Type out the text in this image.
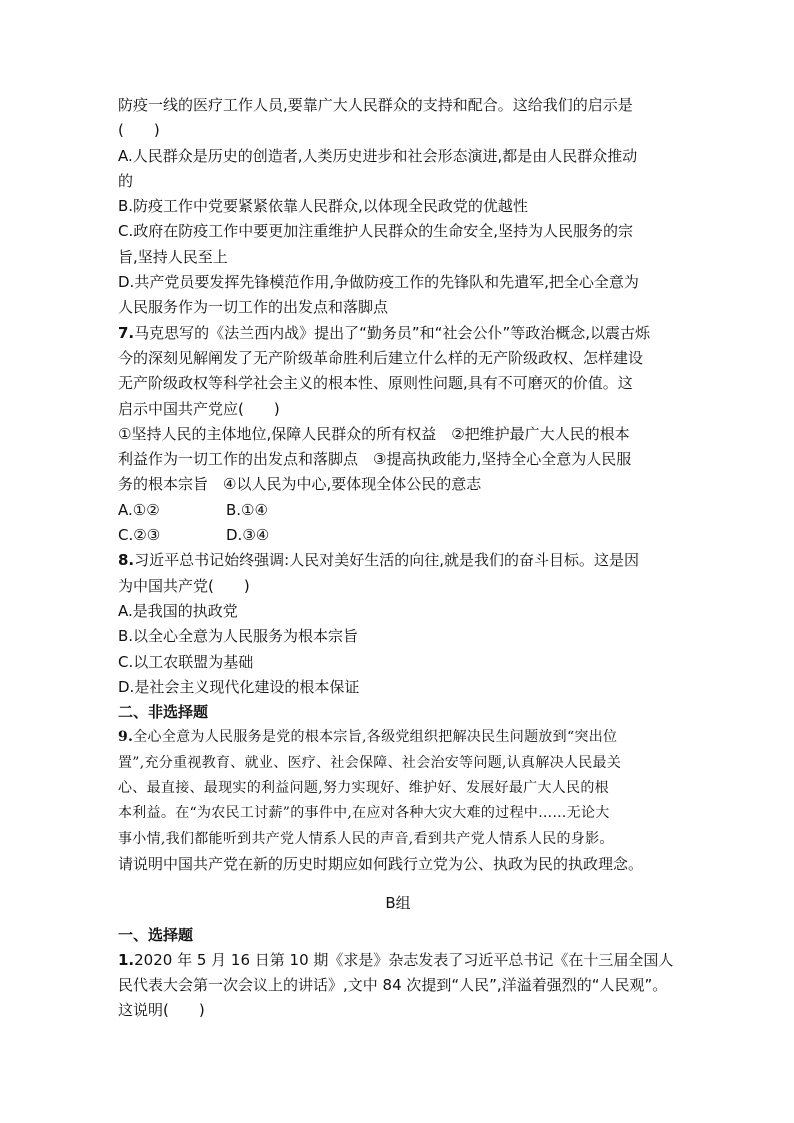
防疫一线的医疗工作人员,要靠广大人民群众的支持和配合。这给我们的启示是
(　　)
A.人民群众是历史的创造者,人类历史进步和社会形态演进,都是由人民群众推动
的
B.防疫工作中党要紧紧依靠人民群众,以体现全民政党的优越性
C.政府在防疫工作中要更加注重维护人民群众的生命安全,坚持为人民服务的宗
旨,坚持人民至上
D.共产党员要发挥先锋模范作用,争做防疫工作的先锋队和先遣军,把全心全意为
人民服务作为一切工作的出发点和落脚点
7.马克思写的《法兰西内战》提出了“勤务员”和“社会公仆”等政治概念,以震古烁
今的深刻见解阐发了无产阶级革命胜利后建立什么样的无产阶级政权、怎样建设
无产阶级政权等科学社会主义的根本性、原则性问题,具有不可磨灭的价值。这
启示中国共产党应(　　)
①坚持人民的主体地位,保障人民群众的所有权益　②把维护最广大人民的根本
利益作为一切工作的出发点和落脚点　③提高执政能力,坚持全心全意为人民服
务的根本宗旨　④以人民为中心,要体现全体公民的意志
A.①②	B.①④
C.②③	D.③④
8.习近平总书记始终强调:人民对美好生活的向往,就是我们的奋斗目标。这是因
为中国共产党(　　)
A.是我国的执政党
B.以全心全意为人民服务为根本宗旨
C.以工农联盟为基础
D.是社会主义现代化建设的根本保证
二、非选择题
9.全心全意为人民服务是党的根本宗旨,各级党组织把解决民生问题放到“突出位
置”,充分重视教育、就业、医疗、社会保障、社会治安等问题,认真解决人民最关
心、最直接、最现实的利益问题,努力实现好、维护好、发展好最广大人民的根
本利益。在“为农民工讨薪”的事件中,在应对各种大灾大难的过程中……无论大
事小情,我们都能听到共产党人情系人民的声音,看到共产党人情系人民的身影。
请说明中国共产党在新的历史时期应如何践行立党为公、执政为民的执政理念。
B组
一、选择题
1.2020 年 5 月 16 日第 10 期《求是》杂志发表了习近平总书记《在十三届全国人
民代表大会第一次会议上的讲话》,文中 84 次提到“人民”,洋溢着强烈的“人民观”。
这说明(　　)
